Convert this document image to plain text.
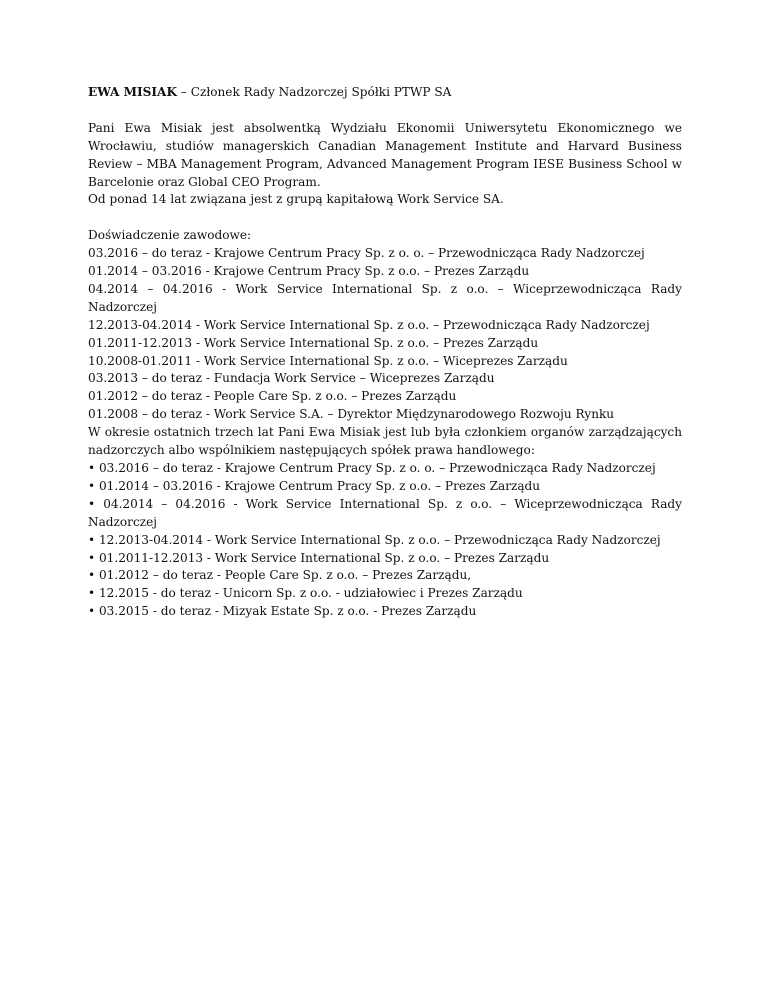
EWA MISIAK – Członek Rady Nadzorczej Spółki PTWP SA

Pani Ewa Misiak jest absolwentką Wydziału Ekonomii Uniwersytetu Ekonomicznego we Wrocławiu, studiów managerskich Canadian Management Institute and Harvard Business Review – MBA Management Program, Advanced Management Program IESE Business School w Barcelonie oraz Global CEO Program.

Od ponad 14 lat związana jest z grupą kapitałową Work Service SA.

Doświadczenie zawodowe:

03.2016 – do teraz - Krajowe Centrum Pracy Sp. z o. o. – Przewodnicząca Rady Nadzorczej

01.2014 – 03.2016 - Krajowe Centrum Pracy Sp. z o.o. – Prezes Zarządu

04.2014 – 04.2016 - Work Service International Sp. z o.o. – Wiceprzewodnicząca Rady

Nadzorczej

12.2013-04.2014 - Work Service International Sp. z o.o. – Przewodnicząca Rady Nadzorczej

01.2011-12.2013 - Work Service International Sp. z o.o. – Prezes Zarządu

10.2008-01.2011 - Work Service International Sp. z o.o. – Wiceprezes Zarządu

03.2013 – do teraz - Fundacja Work Service – Wiceprezes Zarządu

01.2012 – do teraz - People Care Sp. z o.o. – Prezes Zarządu

01.2008 – do teraz - Work Service S.A. – Dyrektor Międzynarodowego Rozwoju Rynku

W okresie ostatnich trzech lat Pani Ewa Misiak jest lub była członkiem organów zarządzających nadzorczych albo wspólnikiem następujących spółek prawa handlowego:

• 03.2016 – do teraz - Krajowe Centrum Pracy Sp. z o. o. – Przewodnicząca Rady Nadzorczej

• 01.2014 – 03.2016 - Krajowe Centrum Pracy Sp. z o.o. – Prezes Zarządu

• 04.2014 – 04.2016 - Work Service International Sp. z o.o. – Wiceprzewodnicząca Rady

Nadzorczej

• 12.2013-04.2014 - Work Service International Sp. z o.o. – Przewodnicząca Rady Nadzorczej

• 01.2011-12.2013 - Work Service International Sp. z o.o. – Prezes Zarządu

• 01.2012 – do teraz - People Care Sp. z o.o. – Prezes Zarządu,

• 12.2015 - do teraz - Unicorn Sp. z o.o. - udziałowiec i Prezes Zarządu

• 03.2015 - do teraz - Mizyak Estate Sp. z o.o. - Prezes Zarządu
